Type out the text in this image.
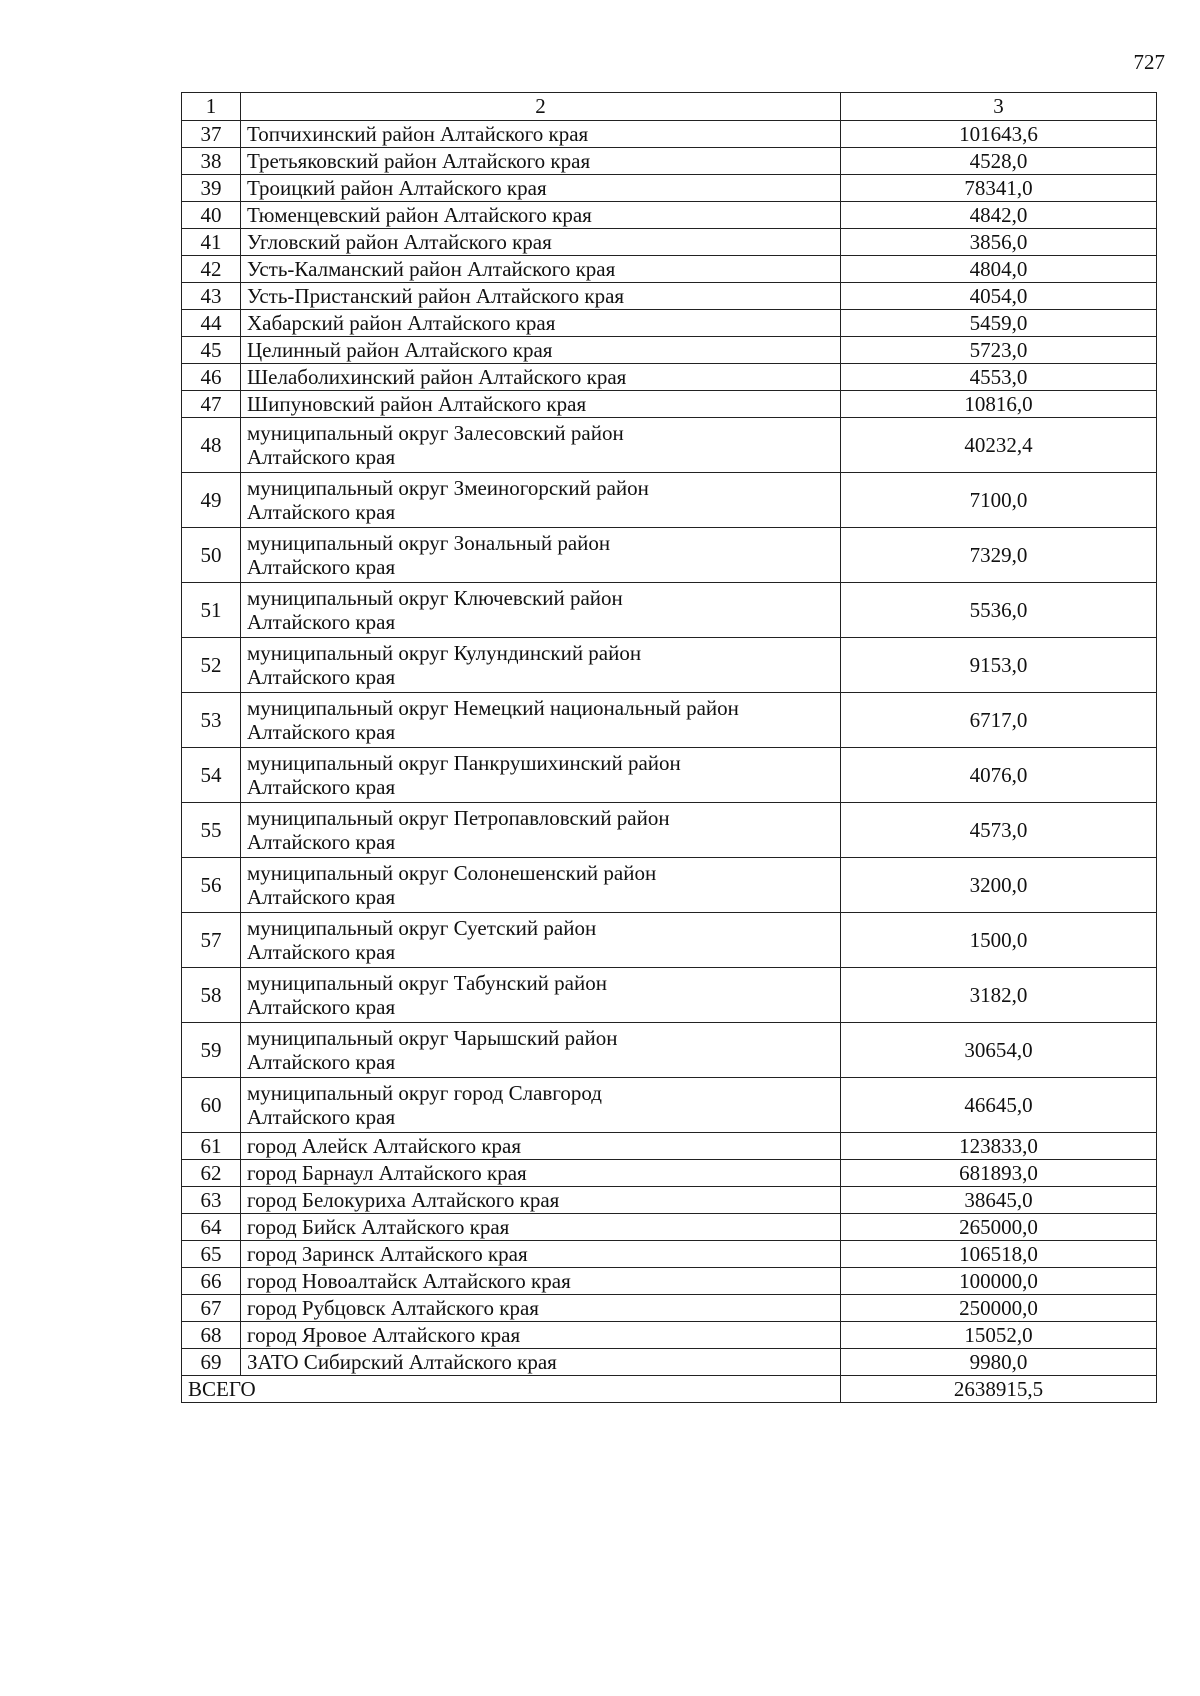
727
1	2	3
37	Топчихинский район Алтайского края	101643,6
38	Третьяковский район Алтайского края	4528,0
39	Троицкий район Алтайского края	78341,0
40	Тюменцевский район Алтайского края	4842,0
41	Угловский район Алтайского края	3856,0
42	Усть-Калманский район Алтайского края	4804,0
43	Усть-Пристанский район Алтайского края	4054,0
44	Хабарский район Алтайского края	5459,0
45	Целинный район Алтайского края	5723,0
46	Шелаболихинский район Алтайского края	4553,0
47	Шипуновский район Алтайского края	10816,0
48	муниципальный округ Залесовский район
Алтайского края	40232,4
49	муниципальный округ Змеиногорский район
Алтайского края	7100,0
50	муниципальный округ Зональный район
Алтайского края	7329,0
51	муниципальный округ Ключевский район
Алтайского края	5536,0
52	муниципальный округ Кулундинский район
Алтайского края	9153,0
53	муниципальный округ Немецкий национальный район
Алтайского края	6717,0
54	муниципальный округ Панкрушихинский район
Алтайского края	4076,0
55	муниципальный округ Петропавловский район
Алтайского края	4573,0
56	муниципальный округ Солонешенский район
Алтайского края	3200,0
57	муниципальный округ Суетский район
Алтайского края	1500,0
58	муниципальный округ Табунский район
Алтайского края	3182,0
59	муниципальный округ Чарышский район
Алтайского края	30654,0
60	муниципальный округ город Славгород
Алтайского края	46645,0
61	город Алейск Алтайского края	123833,0
62	город Барнаул Алтайского края	681893,0
63	город Белокуриха Алтайского края	38645,0
64	город Бийск Алтайского края	265000,0
65	город Заринск Алтайского края	106518,0
66	город Новоалтайск Алтайского края	100000,0
67	город Рубцовск Алтайского края	250000,0
68	город Яровое Алтайского края	15052,0
69	ЗАТО Сибирский Алтайского края	9980,0
ВСЕГО		2638915,5
